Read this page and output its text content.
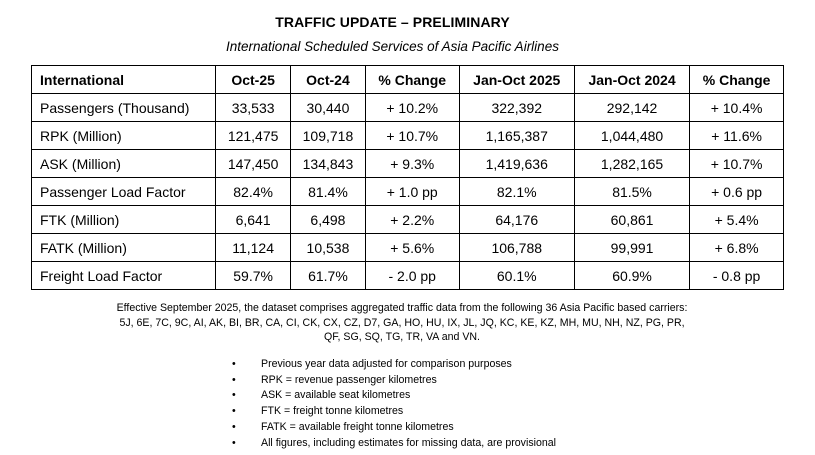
TRAFFIC UPDATE – PRELIMINARY
International Scheduled Services of Asia Pacific Airlines
International	Oct-25	Oct-24	% Change	Jan-Oct 2025	Jan-Oct 2024	% Change
Passengers (Thousand)	33,533	30,440	+ 10.2%	322,392	292,142	+ 10.4%
RPK (Million)	121,475	109,718	+ 10.7%	1,165,387	1,044,480	+ 11.6%
ASK (Million)	147,450	134,843	+ 9.3%	1,419,636	1,282,165	+ 10.7%
Passenger Load Factor	82.4%	81.4%	+ 1.0 pp	82.1%	81.5%	+ 0.6 pp
FTK (Million)	6,641	6,498	+ 2.2%	64,176	60,861	+ 5.4%
FATK (Million)	11,124	10,538	+ 5.6%	106,788	99,991	+ 6.8%
Freight Load Factor	59.7%	61.7%	- 2.0 pp	60.1%	60.9%	- 0.8 pp
Effective September 2025, the dataset comprises aggregated traffic data from the following 36 Asia Pacific based carriers:
5J, 6E, 7C, 9C, AI, AK, BI, BR, CA, CI, CK, CX, CZ, D7, GA, HO, HU, IX, JL, JQ, KC, KE, KZ, MH, MU, NH, NZ, PG, PR,
QF, SG, SQ, TG, TR, VA and VN.
• Previous year data adjusted for comparison purposes
• RPK = revenue passenger kilometres
• ASK = available seat kilometres
• FTK = freight tonne kilometres
• FATK = available freight tonne kilometres
• All figures, including estimates for missing data, are provisional
